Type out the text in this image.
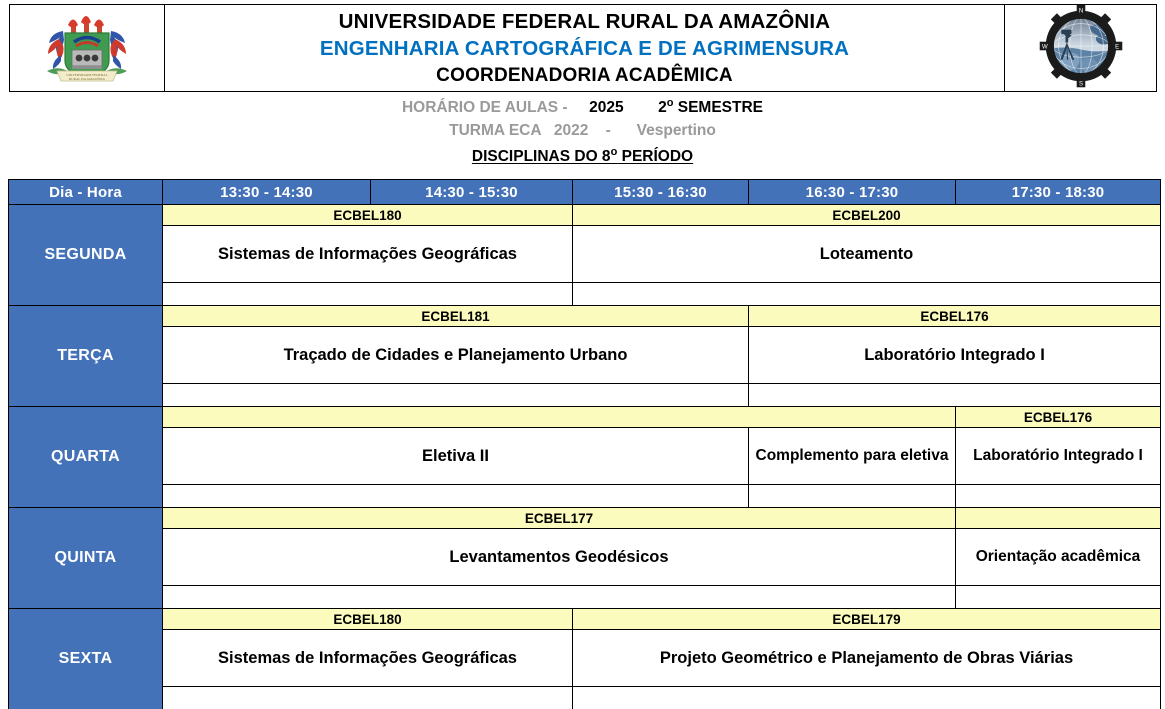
UNIVERSIDADE FEDERAL
RURAL DA AMAZÔNIA

UNIVERSIDADE FEDERAL RURAL DA AMAZÔNIA
ENGENHARIA CARTOGRÁFICA E DE AGRIMENSURA
COORDENADORIA ACADÊMICA

N
S
W	E
HORÁRIO DE AULAS - 2025 2$^o$ SEMESTRE
TURMA ECA 2022 - Vespertino
DISCIPLINAS DO 8$^o$ PERÍODO
Dia - Hora	13:30 - 14:30	14:30 - 15:30	15:30 - 16:30	16:30 - 17:30	17:30 - 18:30
SEGUNDA	ECBEL180		ECBEL200		
	Sistemas de Informações Geográficas		Loteamento		

TERÇA	ECBEL181			ECBEL176	
	Traçado de Cidades e Planejamento Urbano			Laboratório Integrado I	

QUARTA					ECBEL176
	Eletiva II			Complemento para eletiva	Laboratório Integrado I

QUINTA	ECBEL177				
	Levantamentos Geodésicos				Orientação acadêmica

SEXTA	ECBEL180		ECBEL179		
	Sistemas de Informações Geográficas		Projeto Geométrico e Planejamento de Obras Viárias		
